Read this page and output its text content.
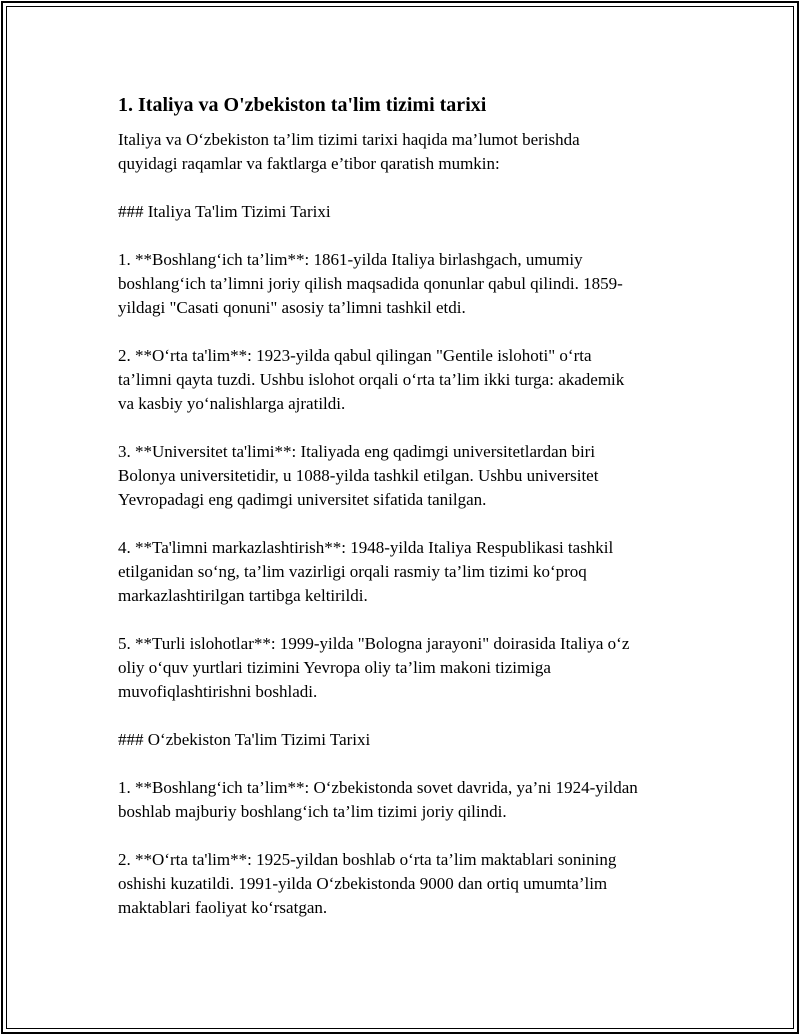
1. Italiya va O'zbekiston ta'lim tizimi tarixi

Italiya va O‘zbekiston ta’lim tizimi tarixi haqida ma’lumot berishda
quyidagi raqamlar va faktlarga e’tibor qaratish mumkin:

### Italiya Ta'lim Tizimi Tarixi

1. **Boshlang‘ich ta’lim**: 1861-yilda Italiya birlashgach, umumiy
boshlang‘ich ta’limni joriy qilish maqsadida qonunlar qabul qilindi. 1859-
yildagi "Casati qonuni" asosiy ta’limni tashkil etdi.

2. **O‘rta ta'lim**: 1923-yilda qabul qilingan "Gentile islohoti" o‘rta
ta’limni qayta tuzdi. Ushbu islohot orqali o‘rta ta’lim ikki turga: akademik
va kasbiy yo‘nalishlarga ajratildi.

3. **Universitet ta'limi**: Italiyada eng qadimgi universitetlardan biri
Bolonya universitetidir, u 1088-yilda tashkil etilgan. Ushbu universitet
Yevropadagi eng qadimgi universitet sifatida tanilgan.

4. **Ta'limni markazlashtirish**: 1948-yilda Italiya Respublikasi tashkil
etilganidan so‘ng, ta’lim vazirligi orqali rasmiy ta’lim tizimi ko‘proq
markazlashtirilgan tartibga keltirildi.

5. **Turli islohotlar**: 1999-yilda "Bologna jarayoni" doirasida Italiya o‘z
oliy o‘quv yurtlari tizimini Yevropa oliy ta’lim makoni tizimiga
muvofiqlashtirishni boshladi.

### O‘zbekiston Ta'lim Tizimi Tarixi

1. **Boshlang‘ich ta’lim**: O‘zbekistonda sovet davrida, ya’ni 1924-yildan
boshlab majburiy boshlang‘ich ta’lim tizimi joriy qilindi.

2. **O‘rta ta'lim**: 1925-yildan boshlab o‘rta ta’lim maktablari sonining
oshishi kuzatildi. 1991-yilda O‘zbekistonda 9000 dan ortiq umumta’lim
maktablari faoliyat ko‘rsatgan.
